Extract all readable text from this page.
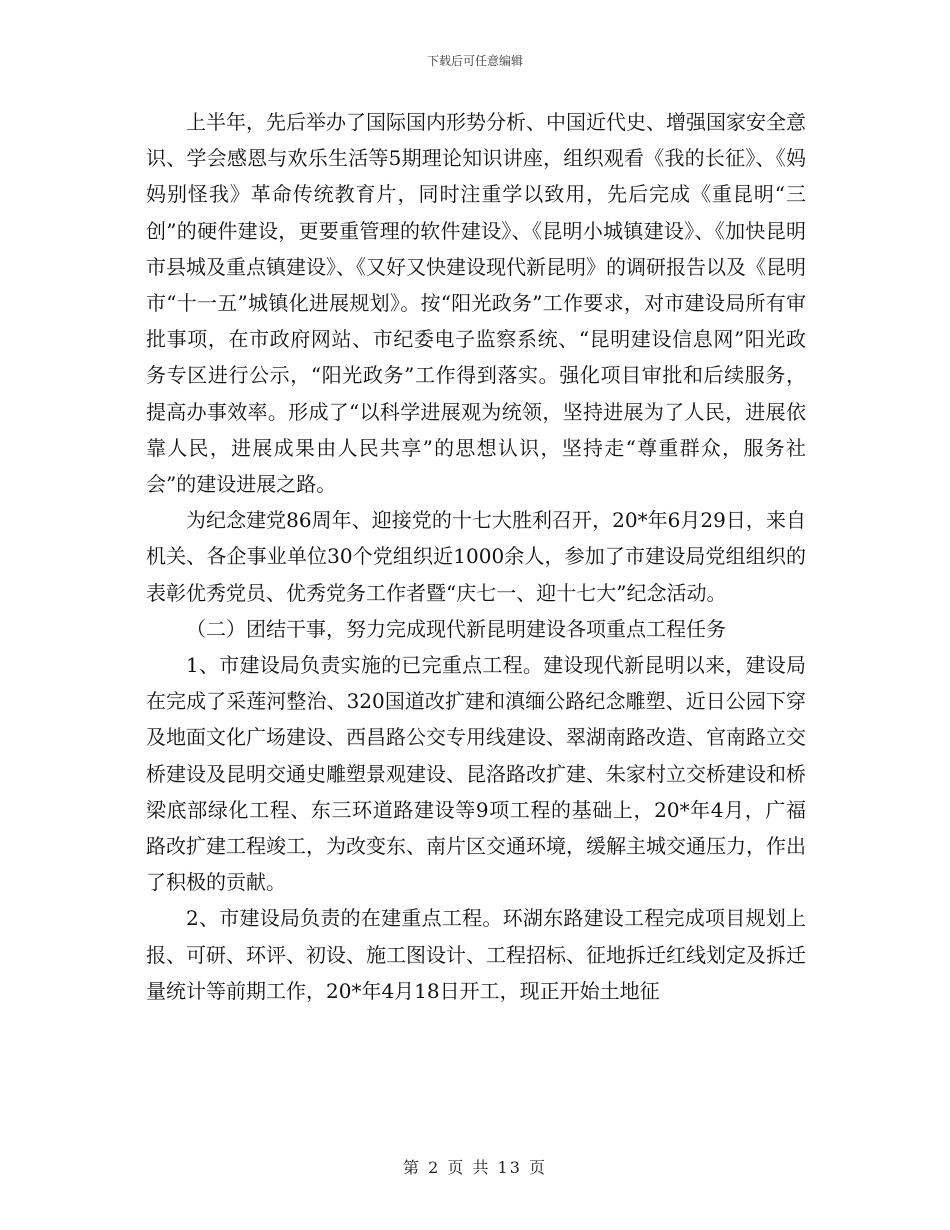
下载后可任意编辑

上半年，先后举办了国际国内形势分析、中国近代史、增强国家安全意识、学会感恩与欢乐生活等5期理论知识讲座，组织观看《我的长征》、《妈妈别怪我》革命传统教育片，同时注重学以致用，先后完成《重昆明“三创”的硬件建设，更要重管理的软件建设》、《昆明小城镇建设》、《加快昆明市县城及重点镇建设》、《又好又快建设现代新昆明》的调研报告以及《昆明市“十一五”城镇化进展规划》。按“阳光政务”工作要求，对市建设局所有审批事项，在市政府网站、市纪委电子监察系统、“昆明建设信息网”阳光政务专区进行公示，“阳光政务”工作得到落实。强化项目审批和后续服务，提高办事效率。形成了“以科学进展观为统领，坚持进展为了人民，进展依靠人民，进展成果由人民共享”的思想认识，坚持走“尊重群众，服务社会”的建设进展之路。

为纪念建党86周年、迎接党的十七大胜利召开，20*年6月29日，来自机关、各企事业单位30个党组织近1000余人，参加了市建设局党组组织的表彰优秀党员、优秀党务工作者暨“庆七一、迎十七大”纪念活动。

（二）团结干事，努力完成现代新昆明建设各项重点工程任务

1、市建设局负责实施的已完重点工程。建设现代新昆明以来，建设局在完成了采莲河整治、320国道改扩建和滇缅公路纪念雕塑、近日公园下穿及地面文化广场建设、西昌路公交专用线建设、翠湖南路改造、官南路立交桥建设及昆明交通史雕塑景观建设、昆洛路改扩建、朱家村立交桥建设和桥梁底部绿化工程、东三环道路建设等9项工程的基础上，20*年4月，广福路改扩建工程竣工，为改变东、南片区交通环境，缓解主城交通压力，作出了积极的贡献。

2、市建设局负责的在建重点工程。环湖东路建设工程完成项目规划上报、可研、环评、初设、施工图设计、工程招标、征地拆迁红线划定及拆迁量统计等前期工作，20*年4月18日开工，现正开始土地征

第 2 页 共 13 页
